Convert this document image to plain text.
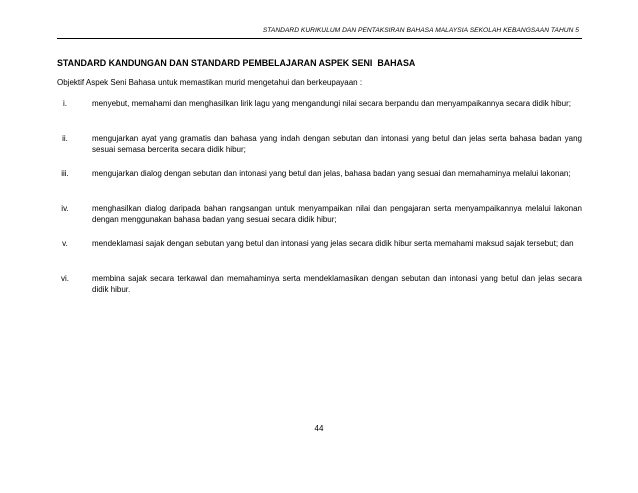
STANDARD KURIKULUM DAN PENTAKSIRAN BAHASA MALAYSIA SEKOLAH KEBANGSAAN TAHUN 5
STANDARD KANDUNGAN DAN STANDARD PEMBELAJARAN ASPEK SENI  BAHASA
Objektif Aspek Seni Bahasa untuk memastikan murid mengetahui dan berkeupayaan :
i.	menyebut, memahami dan menghasilkan lirik lagu yang mengandungi nilai secara berpandu dan menyampaikannya secara didik hibur;
ii.	mengujarkan ayat yang gramatis dan bahasa yang indah dengan sebutan dan intonasi yang betul dan jelas serta bahasa badan yang sesuai semasa bercerita secara didik hibur;
iii.	mengujarkan dialog dengan sebutan dan intonasi yang betul dan jelas, bahasa badan yang sesuai dan memahaminya melalui lakonan;
iv.	menghasilkan dialog daripada bahan rangsangan untuk menyampaikan nilai dan pengajaran serta menyampaikannya melalui lakonan dengan menggunakan bahasa badan yang sesuai secara didik hibur;
v.	mendeklamasi sajak dengan sebutan yang betul dan intonasi yang jelas secara didik hibur serta memahami maksud sajak tersebut; dan
vi.	membina sajak secara terkawal dan memahaminya serta mendeklamasikan dengan sebutan dan intonasi yang betul dan jelas secara didik hibur.
44
